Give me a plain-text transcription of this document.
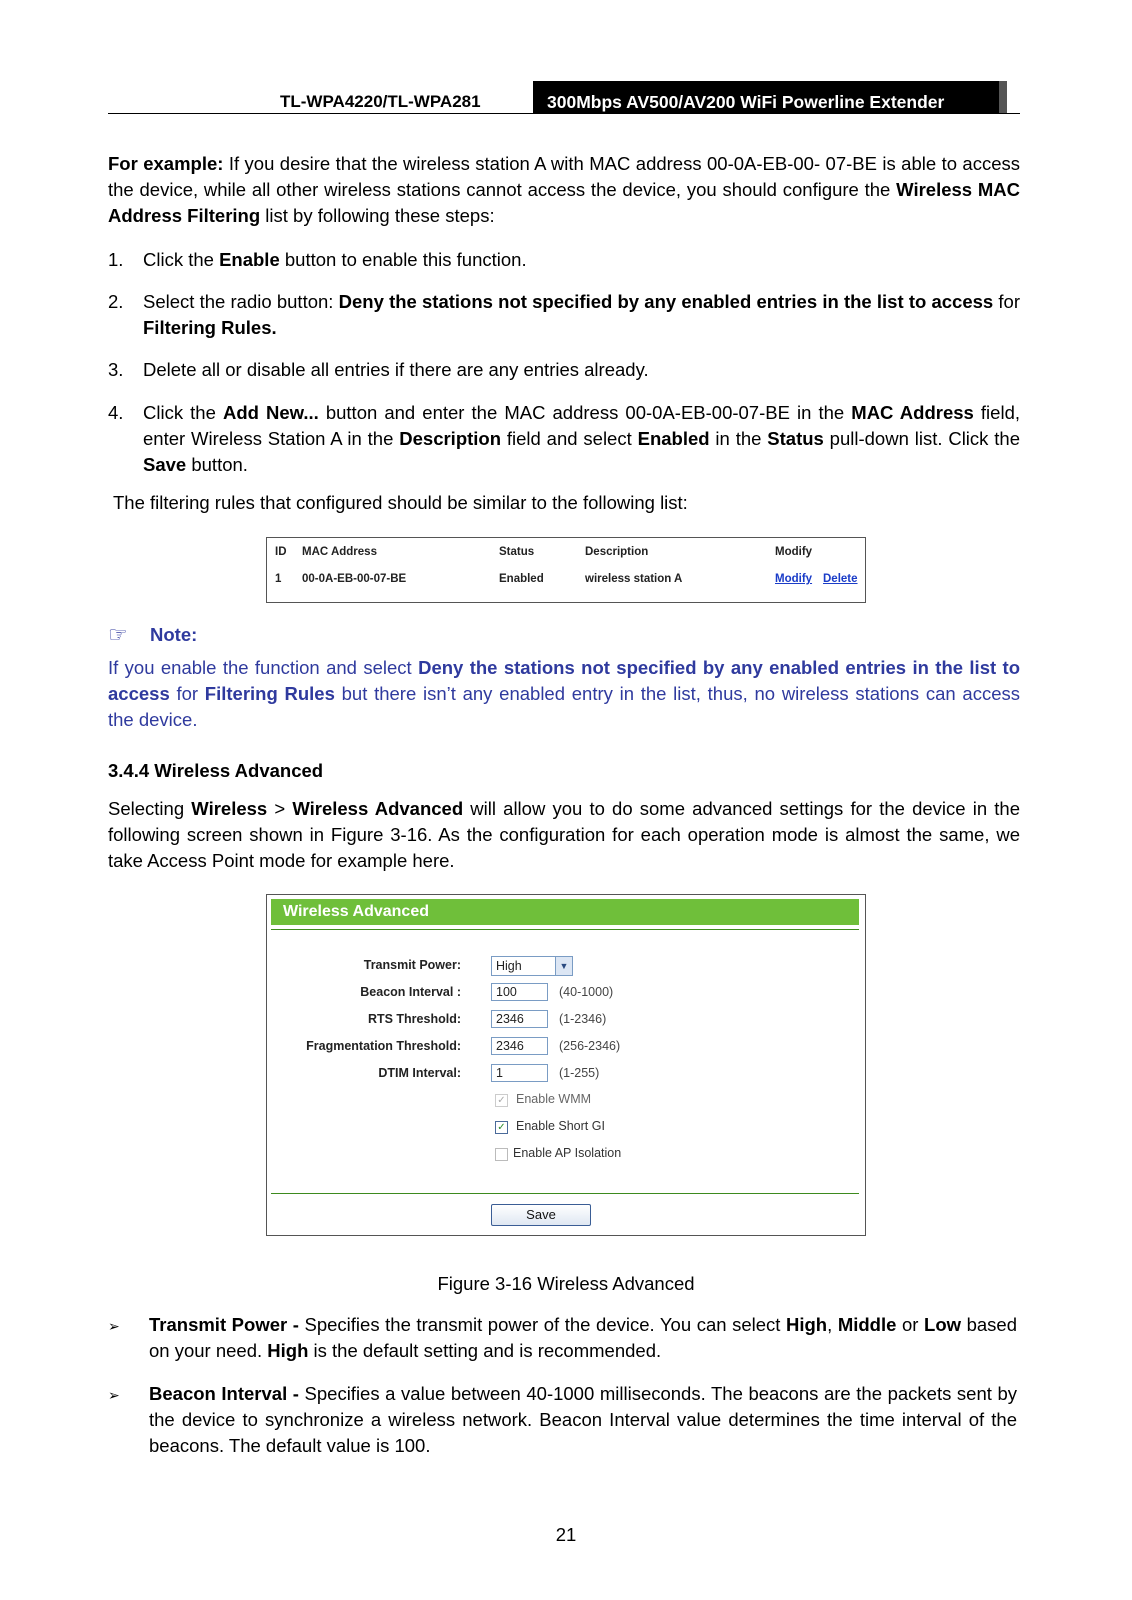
TL-WPA4220/TL-WPA281	300Mbps AV500/AV200 WiFi Powerline Extender
For example: If you desire that the wireless station A with MAC address 00-0A-EB-00- 07-BE is able to access the device, while all other wireless stations cannot access the device, you should configure the Wireless MAC Address Filtering list by following these steps:
1. Click the Enable button to enable this function.
2. Select the radio button: Deny the stations not specified by any enabled entries in the list to access for Filtering Rules.
3. Delete all or disable all entries if there are any entries already.
4. Click the Add New... button and enter the MAC address 00-0A-EB-00-07-BE in the MAC Address field, enter Wireless Station A in the Description field and select Enabled in the Status pull-down list. Click the Save button.
The filtering rules that configured should be similar to the following list:
ID MAC Address	Status	Description	Modify
1 00-0A-EB-00-07-BE	Enabled	wireless station A	Modify Delete
☞ Note:
If you enable the function and select Deny the stations not specified by any enabled entries in the list to access for Filtering Rules but there isn’t any enabled entry in the list, thus, no wireless stations can access the device.
3.4.4 Wireless Advanced
Selecting Wireless > Wireless Advanced will allow you to do some advanced settings for the device in the following screen shown in Figure 3-16. As the configuration for each operation mode is almost the same, we take Access Point mode for example here.
Wireless Advanced
Transmit Power:	High	▼
Beacon Interval :	100	(40-1000)
RTS Threshold:	2346	(1-2346)
Fragmentation Threshold:	2346	(256-2346)
DTIM Interval:	1	(1-255)
✓ Enable WMM
✓ Enable Short GI
Enable AP Isolation
Save
Figure 3-16 Wireless Advanced
➢ Transmit Power - Specifies the transmit power of the device. You can select High, Middle or Low based on your need. High is the default setting and is recommended.
➢ Beacon Interval - Specifies a value between 40-1000 milliseconds. The beacons are the packets sent by the device to synchronize a wireless network. Beacon Interval value determines the time interval of the beacons. The default value is 100.
21
